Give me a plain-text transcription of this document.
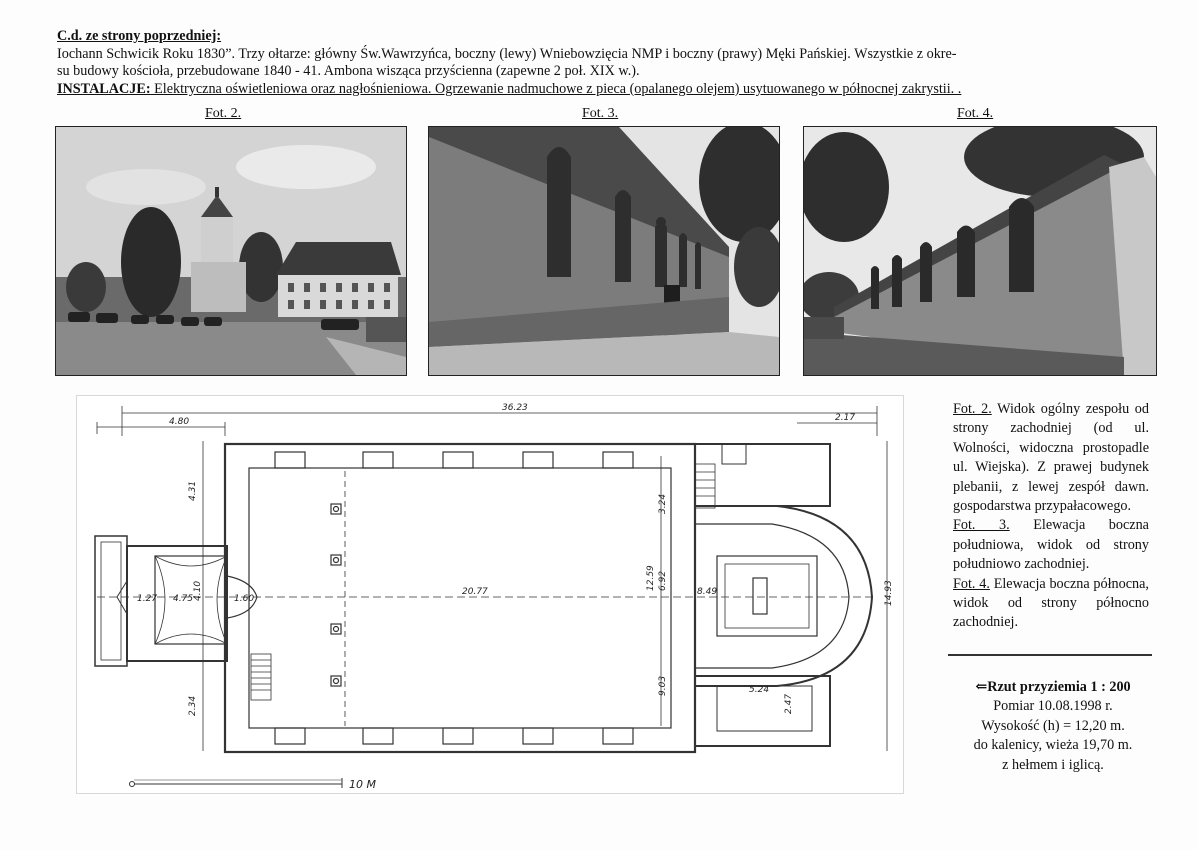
C.d. ze strony poprzedniej:
Iochann Schwicik Roku 1830”. Trzy ołtarze: główny Św.Wawrzyńca, boczny (lewy) Wniebowzięcia NMP i boczny (prawy) Męki Pańskiej. Wszystkie z okre-
su budowy kościoła, przebudowane 1840 - 41. Ambona wisząca przyścienna (zapewne 2 poł. XIX w.).
INSTALACJE: Elektryczna oświetleniowa oraz nagłośnieniowa. Ogrzewanie nadmuchowe z pieca (opalanego olejem) usytuowanego w północnej zakrystii. .
Fot. 2.	Fot. 3.	Fot. 4.
36.23
4.80	2.17
4.31
2.34
3.24
12.59 6.92
9.03
14.93
20.77
1.27 4.75 4.10	1.60
8.49
5.24
2.47
10 M

Fot. 2. Widok ogólny zespołu od strony zachodniej (od ul. Wolności, widoczna prostopadle ul. Wiejska). Z prawej budynek plebanii, z lewej zespół dawn. gospodarstwa przypałacowego.

Fot. 3. Elewacja boczna południowa, widok od strony południowo zachodniej.

Fot. 4. Elewacja boczna północna, widok od strony północno zachodniej.

⇐Rzut przyziemia 1 : 200
Pomiar 10.08.1998 r.
Wysokość (h) = 12,20 m.
do kalenicy, wieża 19,70 m.
z hełmem i iglicą.
